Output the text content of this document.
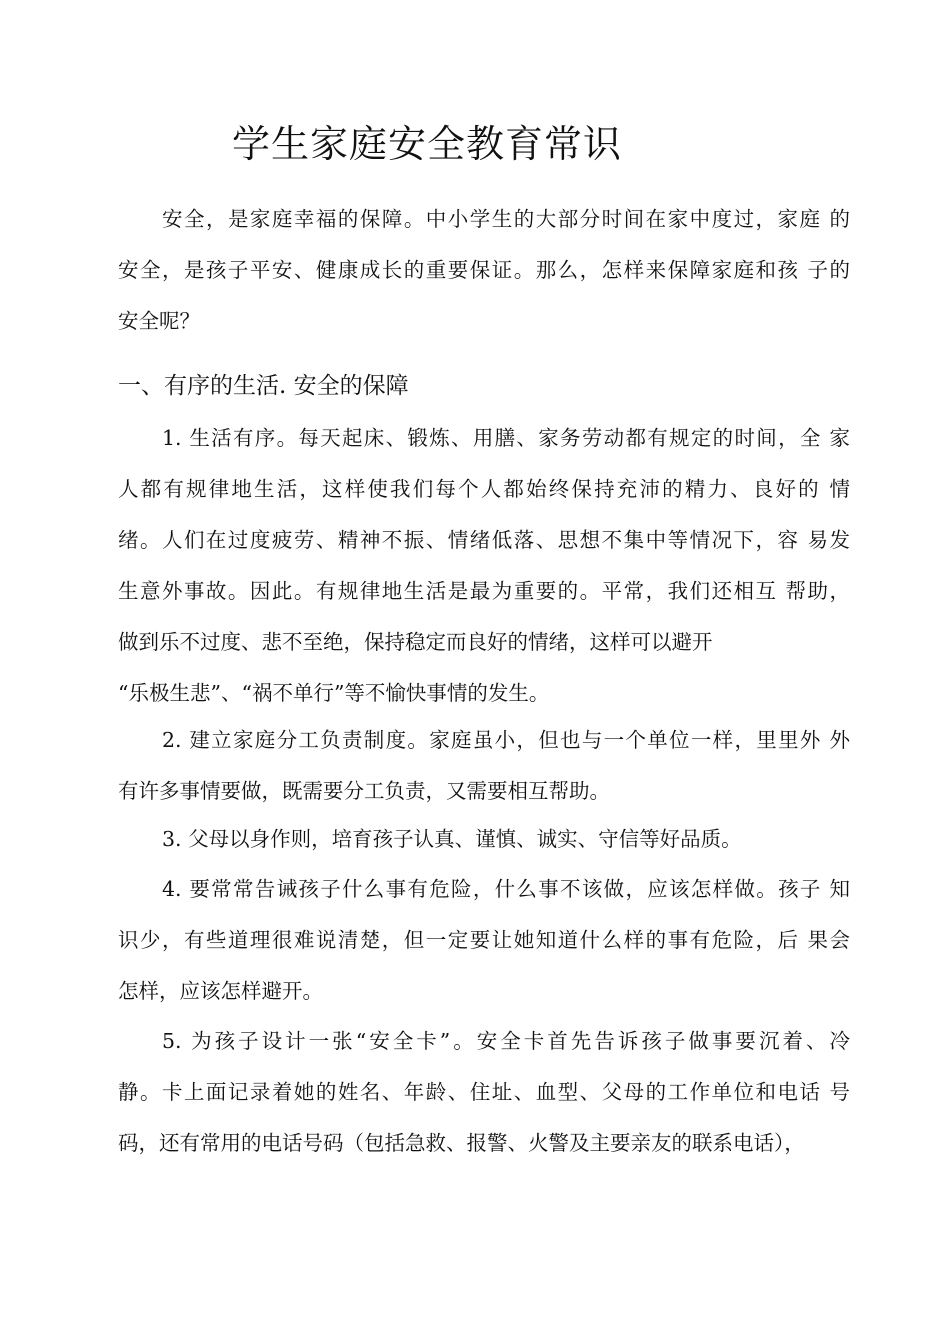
学生家庭安全教育常识
安全，是家庭幸福的保障。中小学生的大部分时间在家中度过，家庭 的
安全，是孩子平安、健康成长的重要保证。那么，怎样来保障家庭和孩 子的
安全呢？
一、有序的生活. 安全的保障
1. 生活有序。每天起床、锻炼、用膳、家务劳动都有规定的时间，全 家
人都有规律地生活，这样使我们每个人都始终保持充沛的精力、良好的 情
绪。人们在过度疲劳、精神不振、情绪低落、思想不集中等情况下，容 易发
生意外事故。因此。有规律地生活是最为重要的。平常，我们还相互 帮助，
做到乐不过度、悲不至绝，保持稳定而良好的情绪，这样可以避开
“乐极生悲”、“祸不单行”等不愉快事情的发生。
2. 建立家庭分工负责制度。家庭虽小，但也与一个单位一样，里里外 外
有许多事情要做，既需要分工负责，又需要相互帮助。
3. 父母以身作则，培育孩子认真、谨慎、诚实、守信等好品质。
4. 要常常告诫孩子什么事有危险，什么事不该做，应该怎样做。孩子 知
识少，有些道理很难说清楚，但一定要让她知道什么样的事有危险，后 果会
怎样，应该怎样避开。
5. 为孩子设计一张“安全卡”。安全卡首先告诉孩子做事要沉着、冷
静。卡上面记录着她的姓名、年龄、住址、血型、父母的工作单位和电话 号
码，还有常用的电话号码（包括急救、报警、火警及主要亲友的联系电话），
